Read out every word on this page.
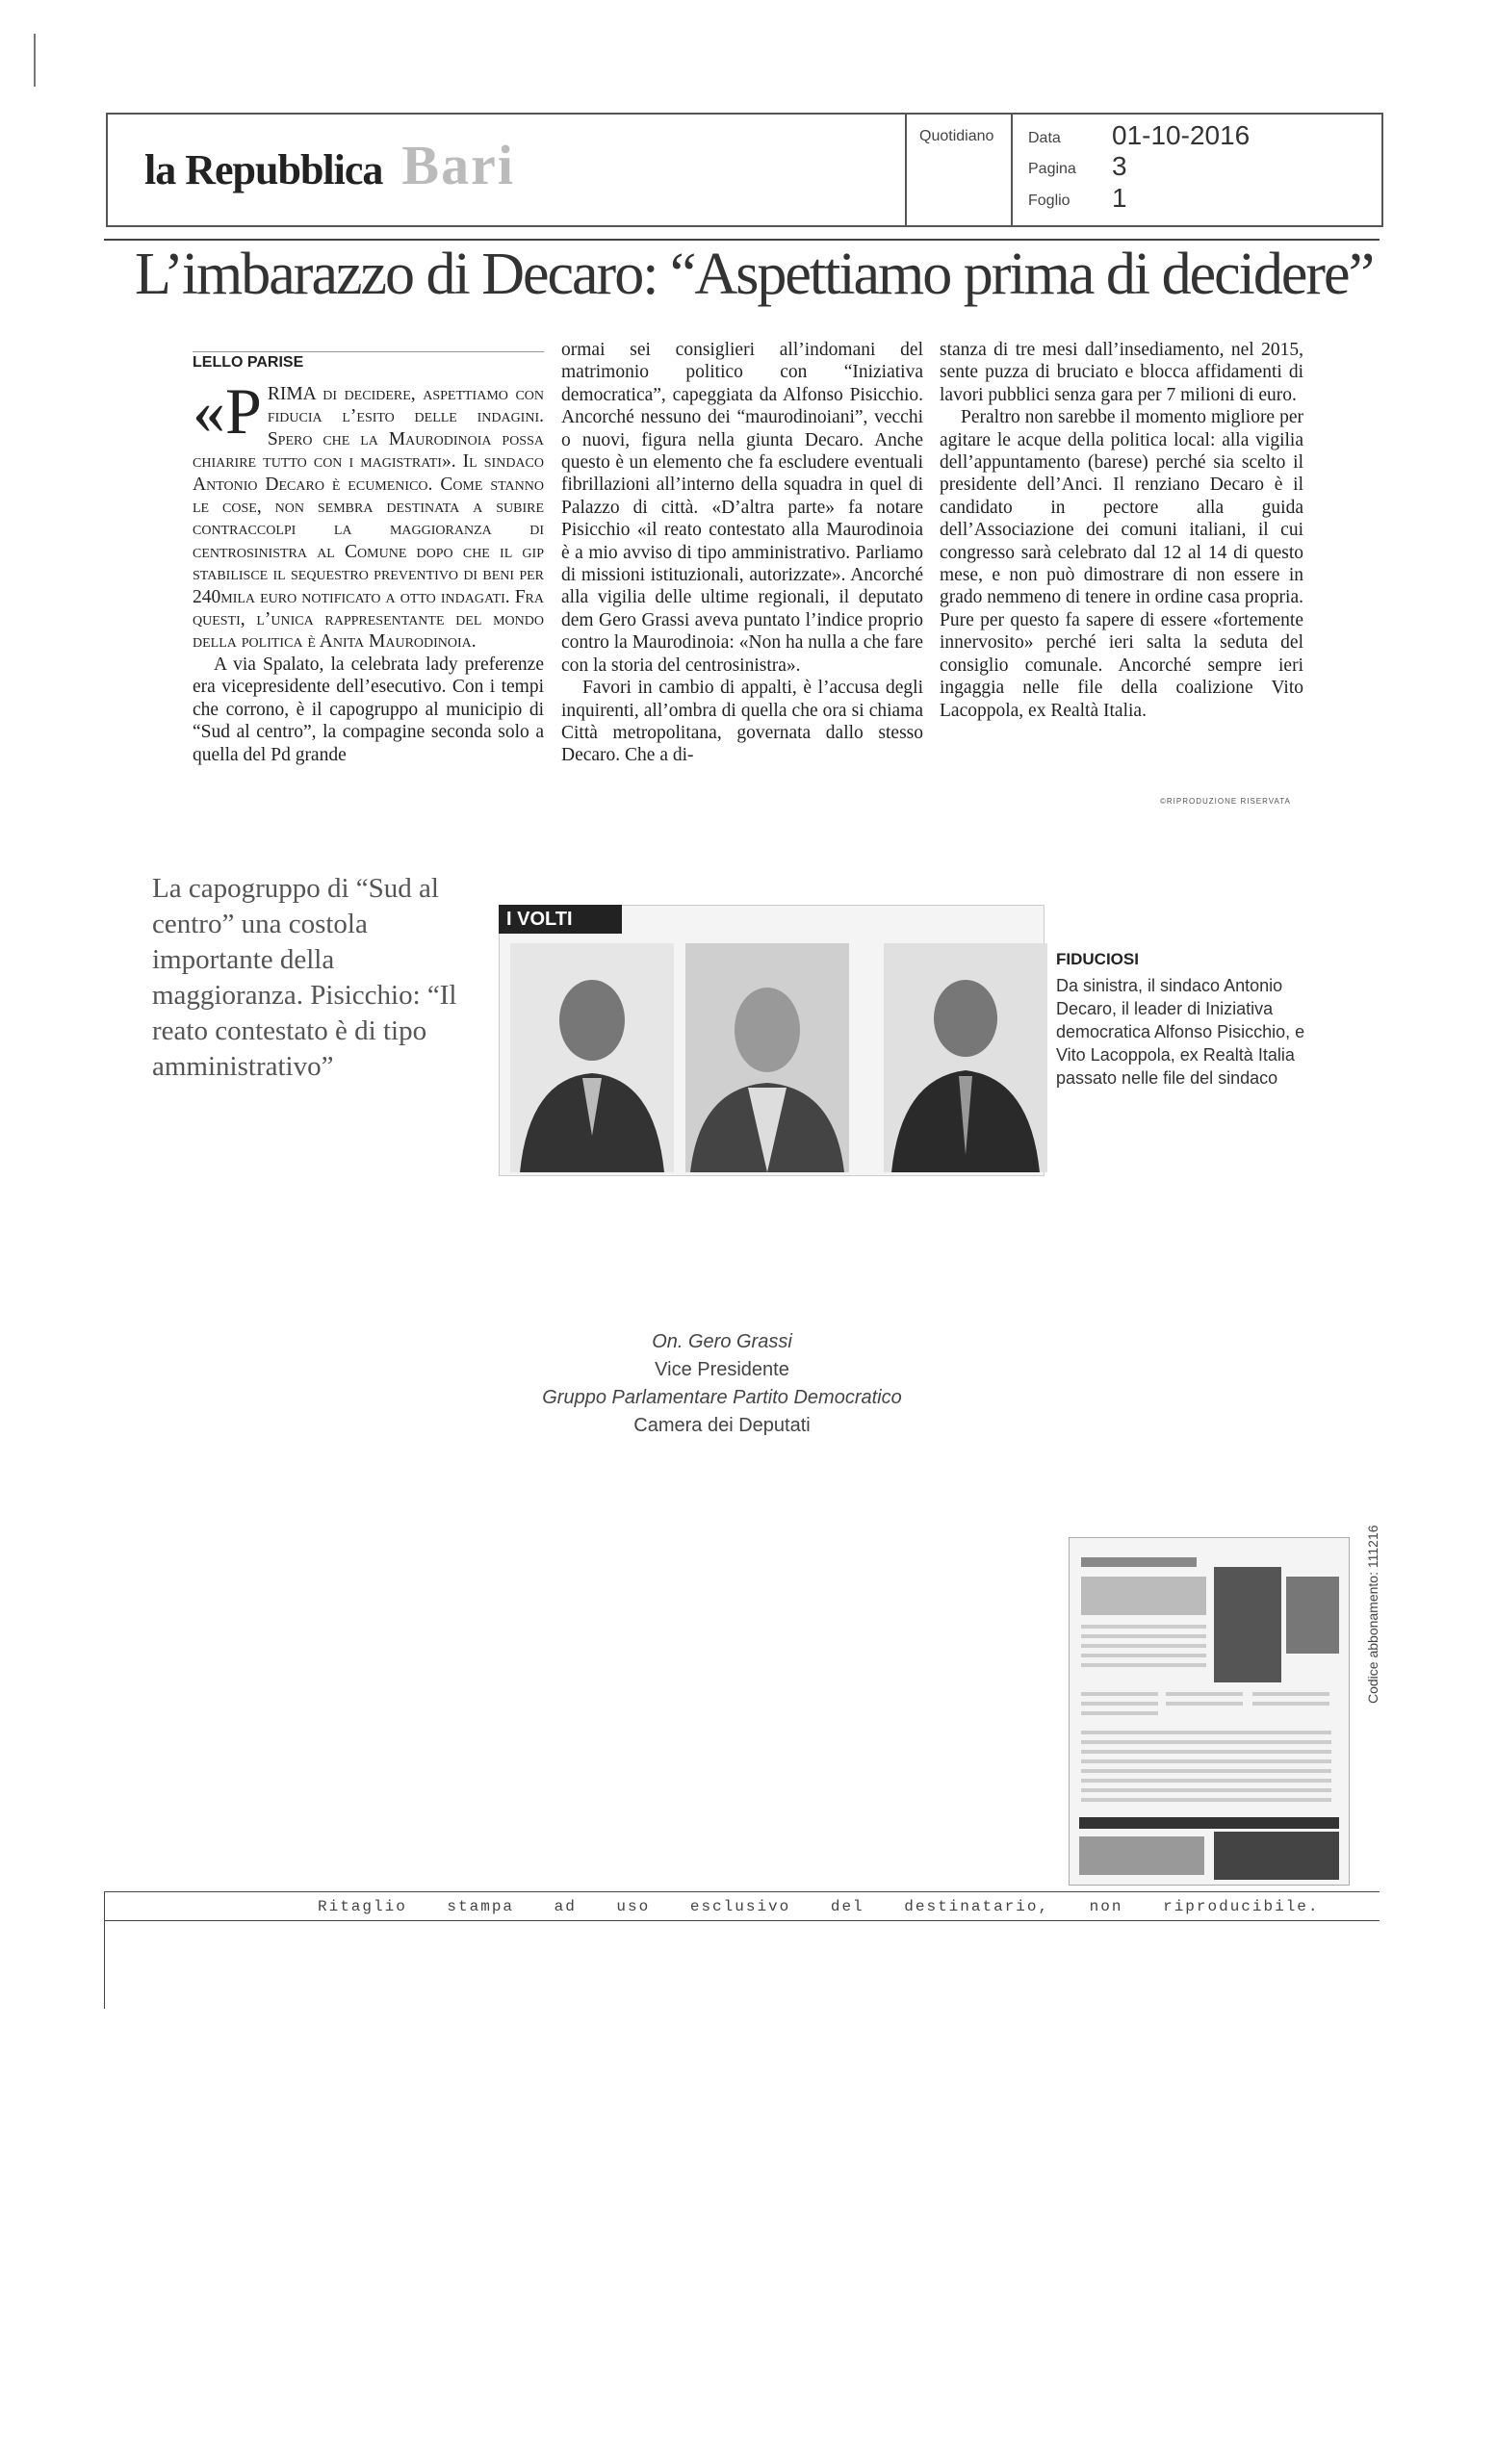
la Repubblica Bari	Quotidiano Data 01-10-2016
Pagina 3
Foglio 1
L’imbarazzo di Decaro: “Aspettiamo prima di decidere”
LELLO PARISE

«PRIMA di decidere, aspettiamo con fiducia l’esito delle indagini. Spero che la Maurodinoia possa chiarire tutto con i magistrati». Il sindaco Antonio Decaro è ecumenico. Come stanno le cose, non sembra destinata a subire contraccolpi la maggioranza di centrosinistra al Comune dopo che il gip stabilisce il sequestro preventivo di beni per 240mila euro notificato a otto indagati. Fra questi, l’unica rappresentante del mondo della politica è Anita Maurodinoia.

A via Spalato, la celebrata lady preferenze era vicepresidente dell’esecutivo. Con i tempi che corrono, è il capogruppo al municipio di “Sud al centro”, la compagine seconda solo a quella del Pd grande

ormai sei consiglieri all’indomani del matrimonio politico con “Iniziativa democratica”, capeggiata da Alfonso Pisicchio. Ancorché nessuno dei “maurodinoiani”, vecchi o nuovi, figura nella giunta Decaro. Anche questo è un elemento che fa escludere eventuali fibrillazioni all’interno della squadra in quel di Palazzo di città. «D’altra parte» fa notare Pisicchio «il reato contestato alla Maurodinoia è a mio avviso di tipo amministrativo. Parliamo di missioni istituzionali, autorizzate». Ancorché alla vigilia delle ultime regionali, il deputato dem Gero Grassi aveva puntato l’indice proprio contro la Maurodinoia: «Non ha nulla a che fare con la storia del centrosinistra».

Favori in cambio di appalti, è l’accusa degli inquirenti, all’ombra di quella che ora si chiama Città metropolitana, governata dallo stesso Decaro. Che a di-

stanza di tre mesi dall’insediamento, nel 2015, sente puzza di bruciato e blocca affidamenti di lavori pubblici senza gara per 7 milioni di euro.

Peraltro non sarebbe il momento migliore per agitare le acque della politica local: alla vigilia dell’appuntamento (barese) perché sia scelto il presidente dell’Anci. Il renziano Decaro è il candidato in pectore alla guida dell’Associazione dei comuni italiani, il cui congresso sarà celebrato dal 12 al 14 di questo mese, e non può dimostrare di non essere in grado nemmeno di tenere in ordine casa propria. Pure per questo fa sapere di essere «fortemente innervosito» perché ieri salta la seduta del consiglio comunale. Ancorché sempre ieri ingaggia nelle file della coalizione Vito Lacoppola, ex Realtà Italia.

©RIPRODUZIONE RISERVATA
La capogruppo di “Sud al centro” una costola importante della maggioranza. Pisicchio: “Il reato contestato è di tipo amministrativo”
I VOLTI
FIDUCIOSI
Da sinistra, il sindaco Antonio Decaro, il leader di Iniziativa democratica Alfonso Pisicchio, e Vito Lacoppola, ex Realtà Italia passato nelle file del sindaco
On. Gero Grassi
Vice Presidente
Gruppo Parlamentare Partito Democratico
Camera dei Deputati
Codice abbonamento: 111216
Ritaglio stampa ad uso esclusivo del destinatario, non riproducibile.
